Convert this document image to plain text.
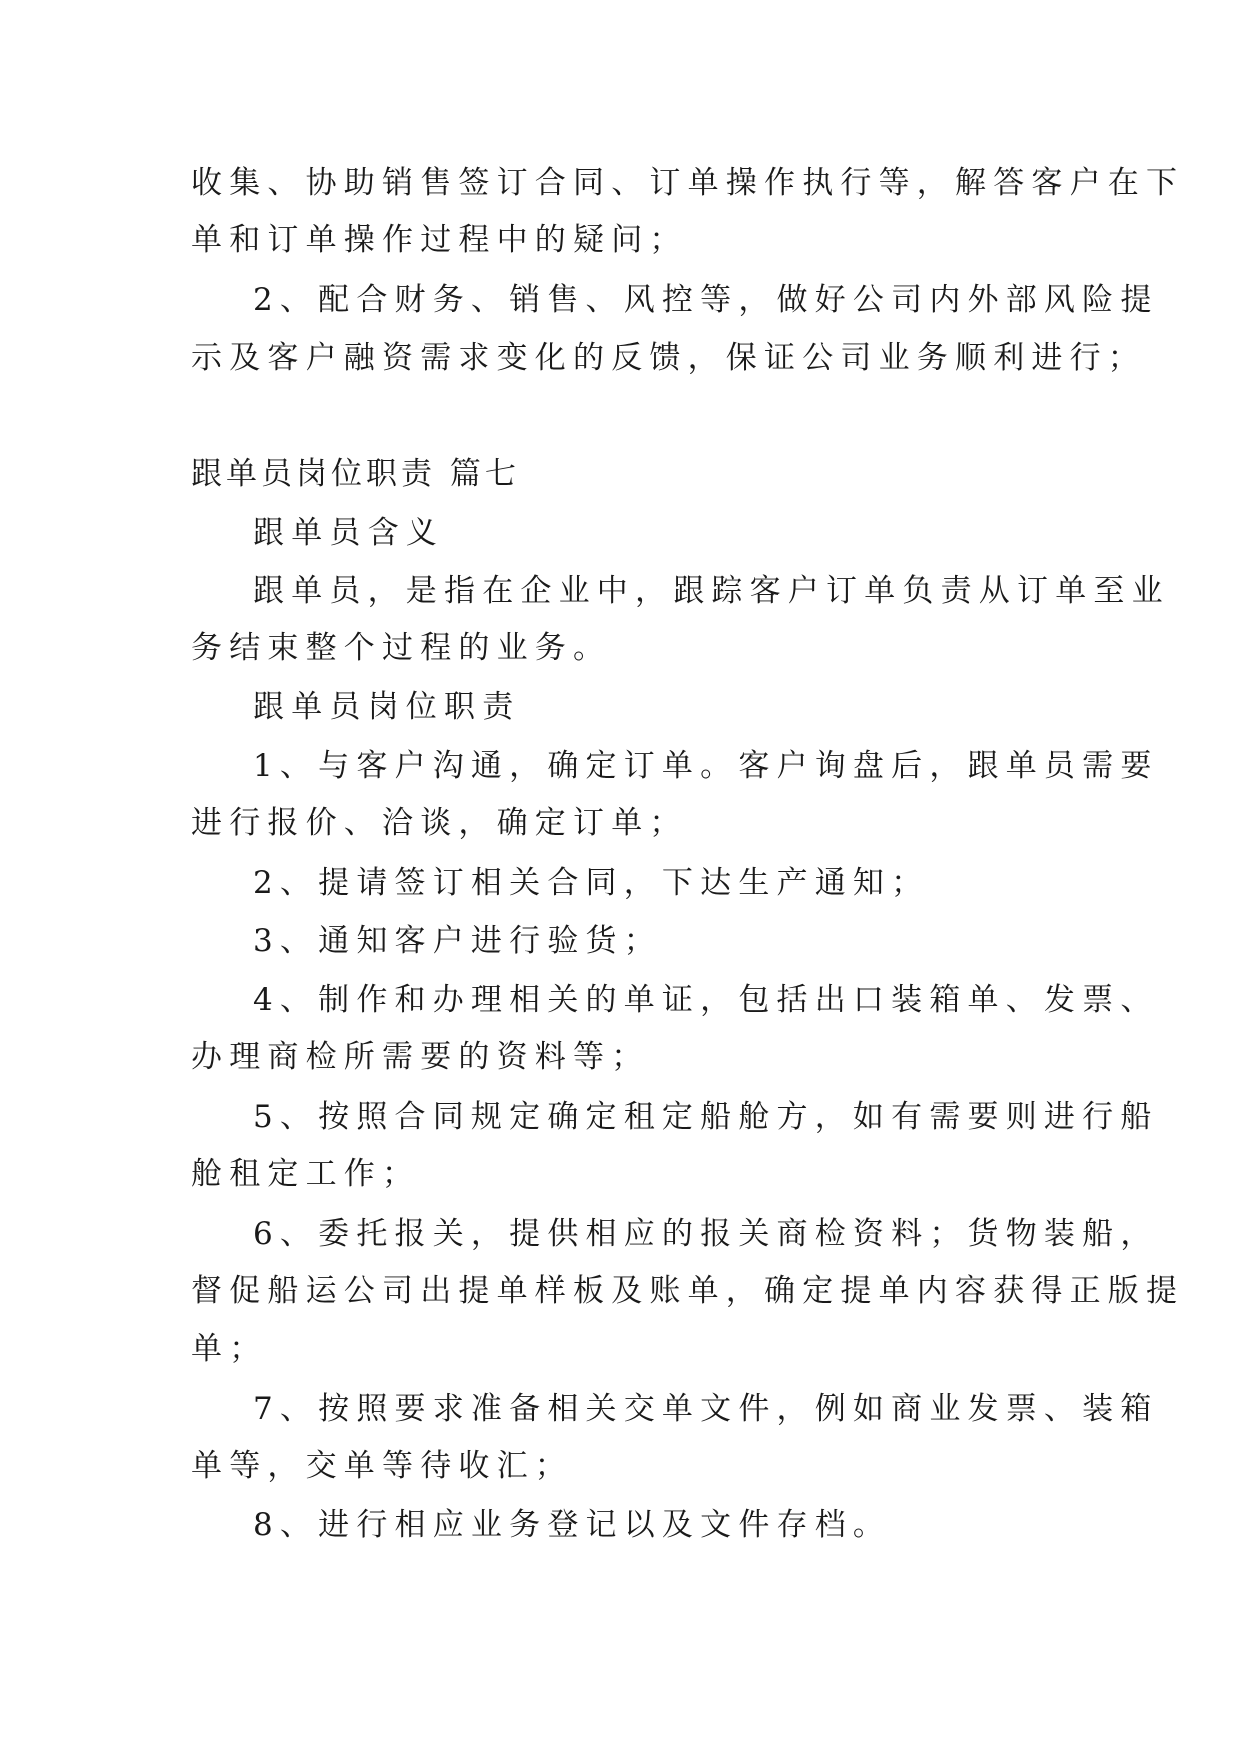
收集、协助销售签订合同、订单操作执行等，解答客户在下
单和订单操作过程中的疑问；
2、配合财务、销售、风控等，做好公司内外部风险提
示及客户融资需求变化的反馈，保证公司业务顺利进行；
跟单员岗位职责 篇七
跟单员含义
跟单员，是指在企业中，跟踪客户订单负责从订单至业
务结束整个过程的业务。
跟单员岗位职责
1、与客户沟通，确定订单。客户询盘后，跟单员需要
进行报价、洽谈，确定订单；
2、提请签订相关合同，下达生产通知；
3、通知客户进行验货；
4、制作和办理相关的单证，包括出口装箱单、发票、
办理商检所需要的资料等；
5、按照合同规定确定租定船舱方，如有需要则进行船
舱租定工作；
6、委托报关，提供相应的报关商检资料；货物装船，
督促船运公司出提单样板及账单，确定提单内容获得正版提
单；
7、按照要求准备相关交单文件，例如商业发票、装箱
单等，交单等待收汇；
8、进行相应业务登记以及文件存档。
